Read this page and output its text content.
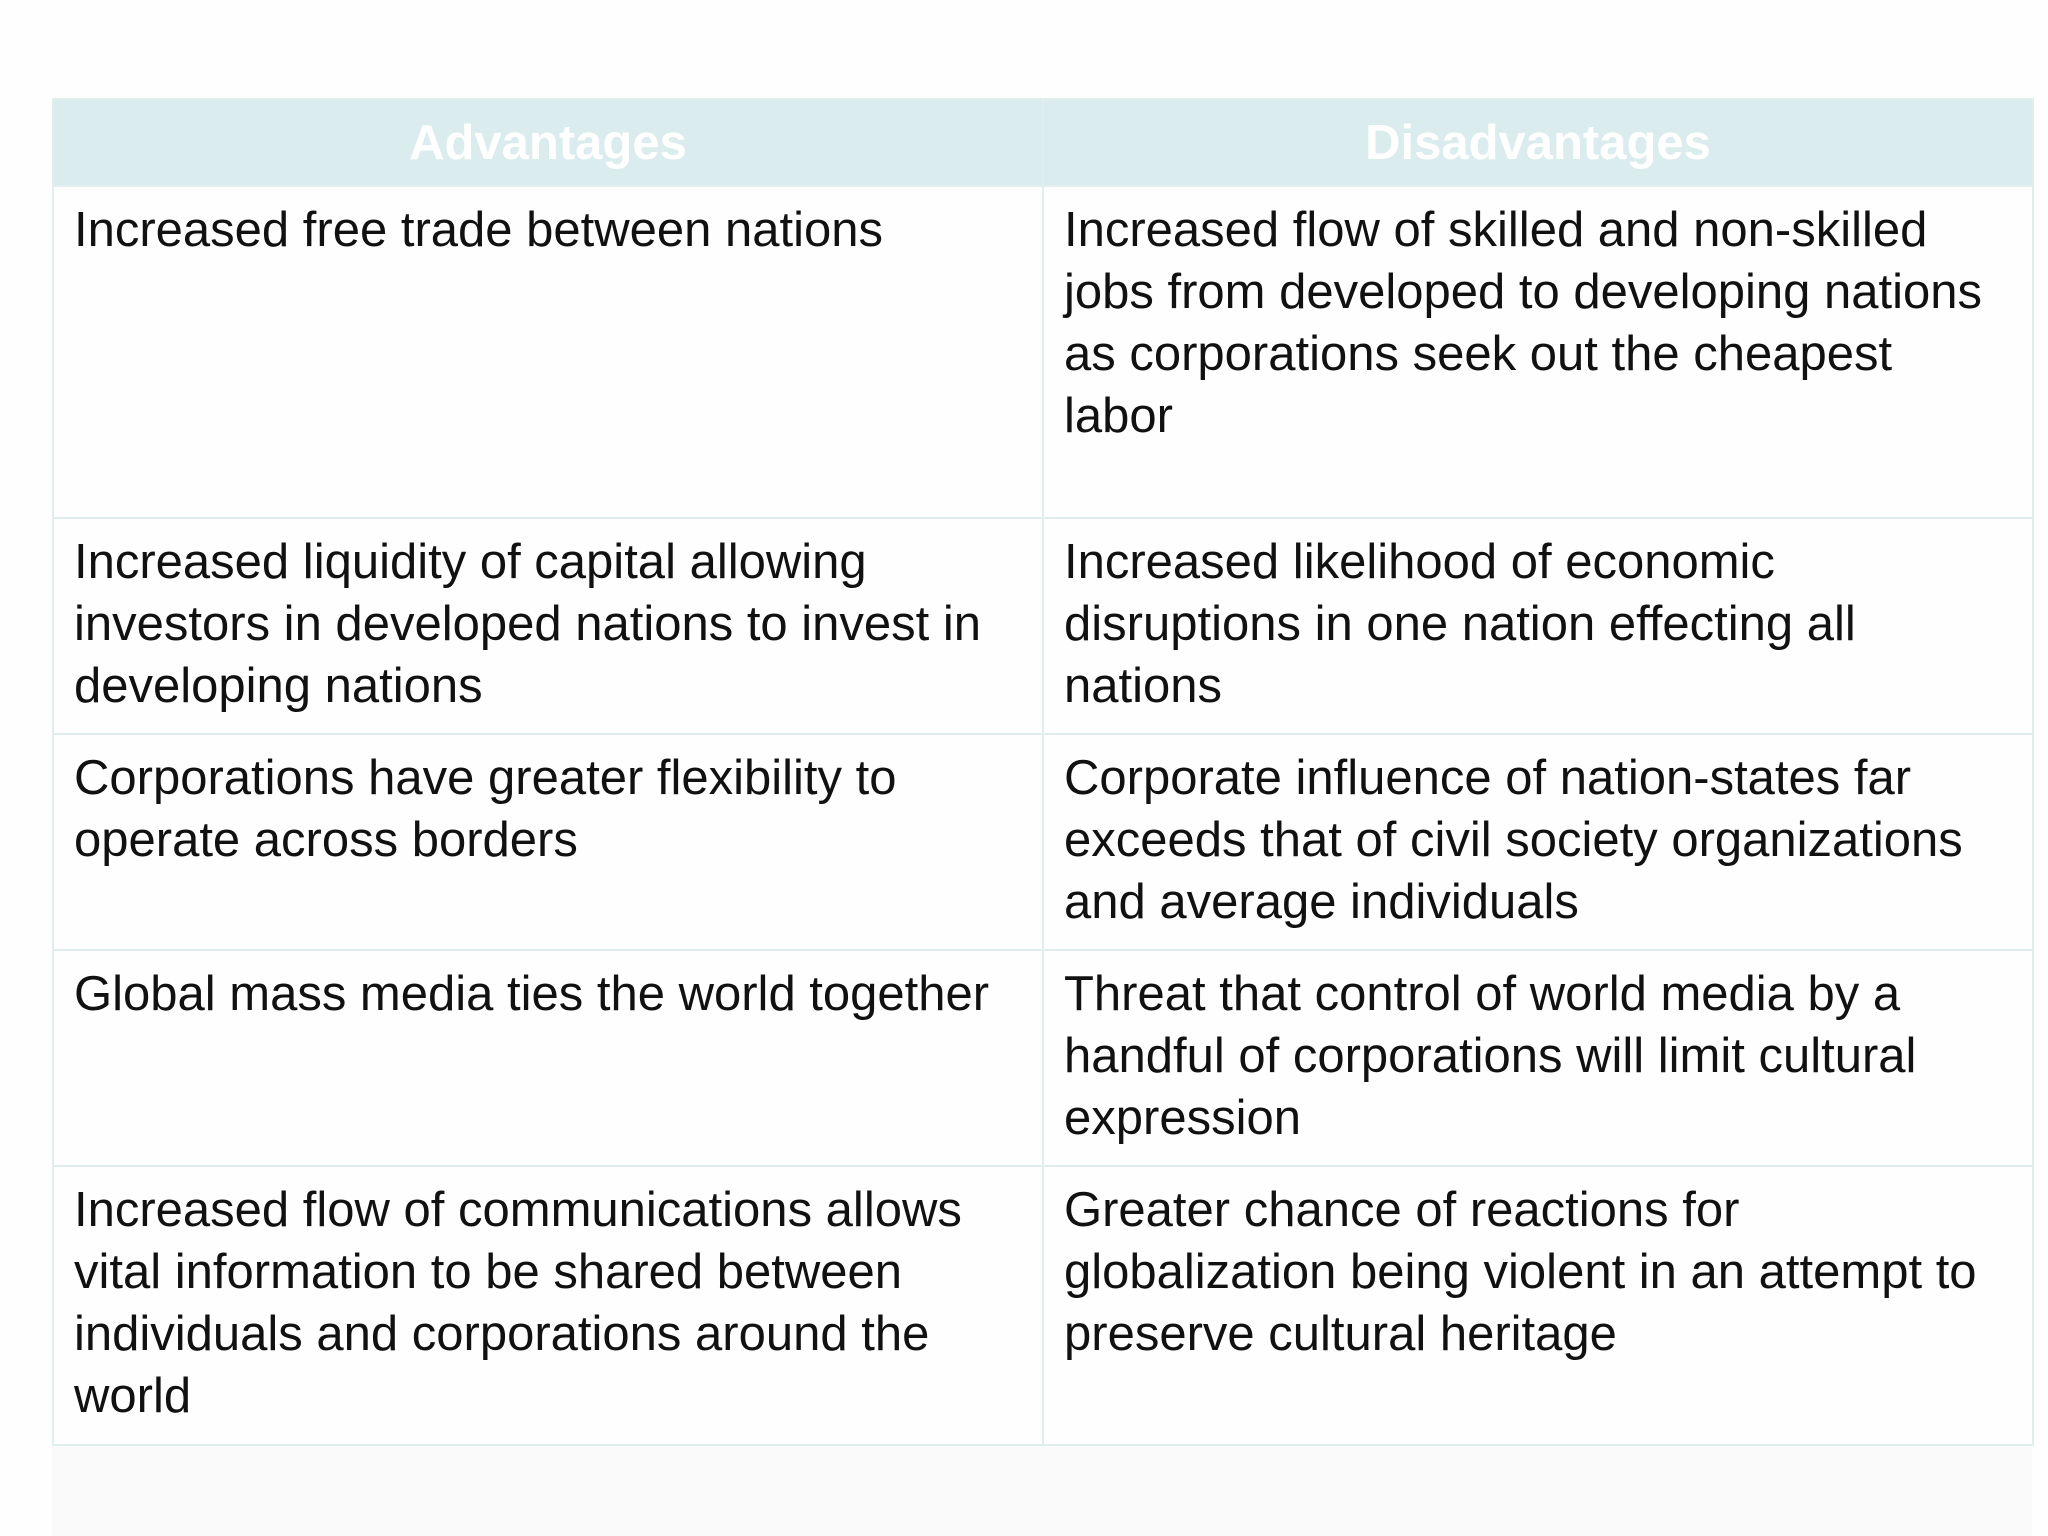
Advantages	Disadvantages
Increased free trade between nations	Increased flow of skilled and non-skilled jobs from developed to developing nations as corporations seek out the cheapest labor
Increased liquidity of capital allowing investors in developed nations to invest in developing nations	Increased likelihood of economic disruptions in one nation effecting all nations
Corporations have greater flexibility to operate across borders	Corporate influence of nation-states far exceeds that of civil society organizations and average individuals
Global mass media ties the world together	Threat that control of world media by a handful of corporations will limit cultural expression
Increased flow of communications allows vital information to be shared between individuals and corporations around the world	Greater chance of reactions for globalization being violent in an attempt to preserve cultural heritage
